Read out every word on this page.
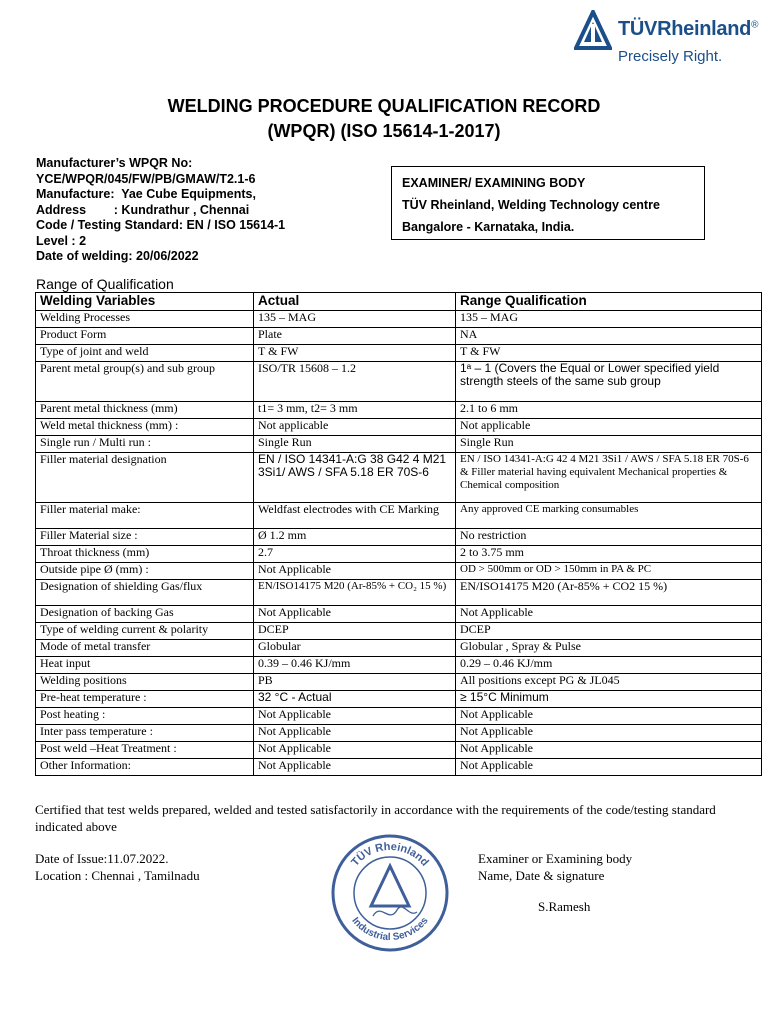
TÜVRheinland®
Precisely Right.
WELDING PROCEDURE QUALIFICATION RECORD
(WPQR) (ISO 15614-1-2017)
Manufacturer’s WPQR No:
YCE/WPQR/045/FW/PB/GMAW/T2.1-6
Manufacture:  Yae Cube Equipments,
Address        : Kundrathur , Chennai
Code / Testing Standard: EN / ISO 15614-1
Level : 2
Date of welding: 20/06/2022
EXAMINER/ EXAMINING BODY
TÜV Rheinland, Welding Technology centre
Bangalore - Karnataka, India.
Range of Qualification
Welding Variables	Actual	Range Qualification
Welding Processes	135 – MAG	135 – MAG
Product Form	Plate	NA
Type of joint and weld	T & FW	T & FW
Parent metal group(s) and sub group	ISO/TR 15608 – 1.2	1ᵃ – 1 (Covers the Equal or Lower specified yield strength steels of the same sub group
Parent metal thickness (mm)	t1= 3 mm, t2= 3 mm	2.1 to 6 mm
Weld metal thickness (mm) :	Not applicable	Not applicable
Single run / Multi run :	Single Run	Single Run
Filler material designation	EN / ISO 14341-A:G 38 G42 4 M21 3Si1/ AWS / SFA 5.18 ER 70S-6	EN / ISO 14341-A:G 42 4 M21 3Si1 / AWS / SFA 5.18 ER 70S-6 & Filler material having equivalent Mechanical properties & Chemical composition
Filler material make:	Weldfast electrodes with CE Marking	Any approved CE marking consumables
Filler Material size :	Ø 1.2 mm	No restriction
Throat thickness (mm)	2.7	2 to 3.75 mm
Outside pipe Ø (mm) :	Not Applicable	OD > 500mm or OD > 150mm in PA & PC
Designation of shielding Gas/flux	EN/ISO14175 M20 (Ar-85% + CO₂ 15 %)	EN/ISO14175 M20 (Ar-85% + CO2 15 %)
Designation of backing Gas	Not Applicable	Not Applicable
Type of welding current & polarity	DCEP	DCEP
Mode of metal transfer	Globular	Globular , Spray & Pulse
Heat input	0.39 – 0.46 KJ/mm	0.29 – 0.46 KJ/mm
Welding positions	PB	All positions except PG & JL045
Pre-heat temperature :	32 °C - Actual	≥ 15°C Minimum
Post heating :	Not Applicable	Not Applicable
Inter pass temperature :	Not Applicable	Not Applicable
Post weld –Heat Treatment :	Not Applicable	Not Applicable
Other Information:	Not Applicable	Not Applicable
Certified that test welds prepared, welded and tested satisfactorily in accordance with the requirements of the code/testing standard indicated above
Date of Issue:11.07.2022.
Location : Chennai , Tamilnadu
Examiner or Examining body
Name, Date & signature
S.Ramesh
TÜV Rheinland
Industrial Services
